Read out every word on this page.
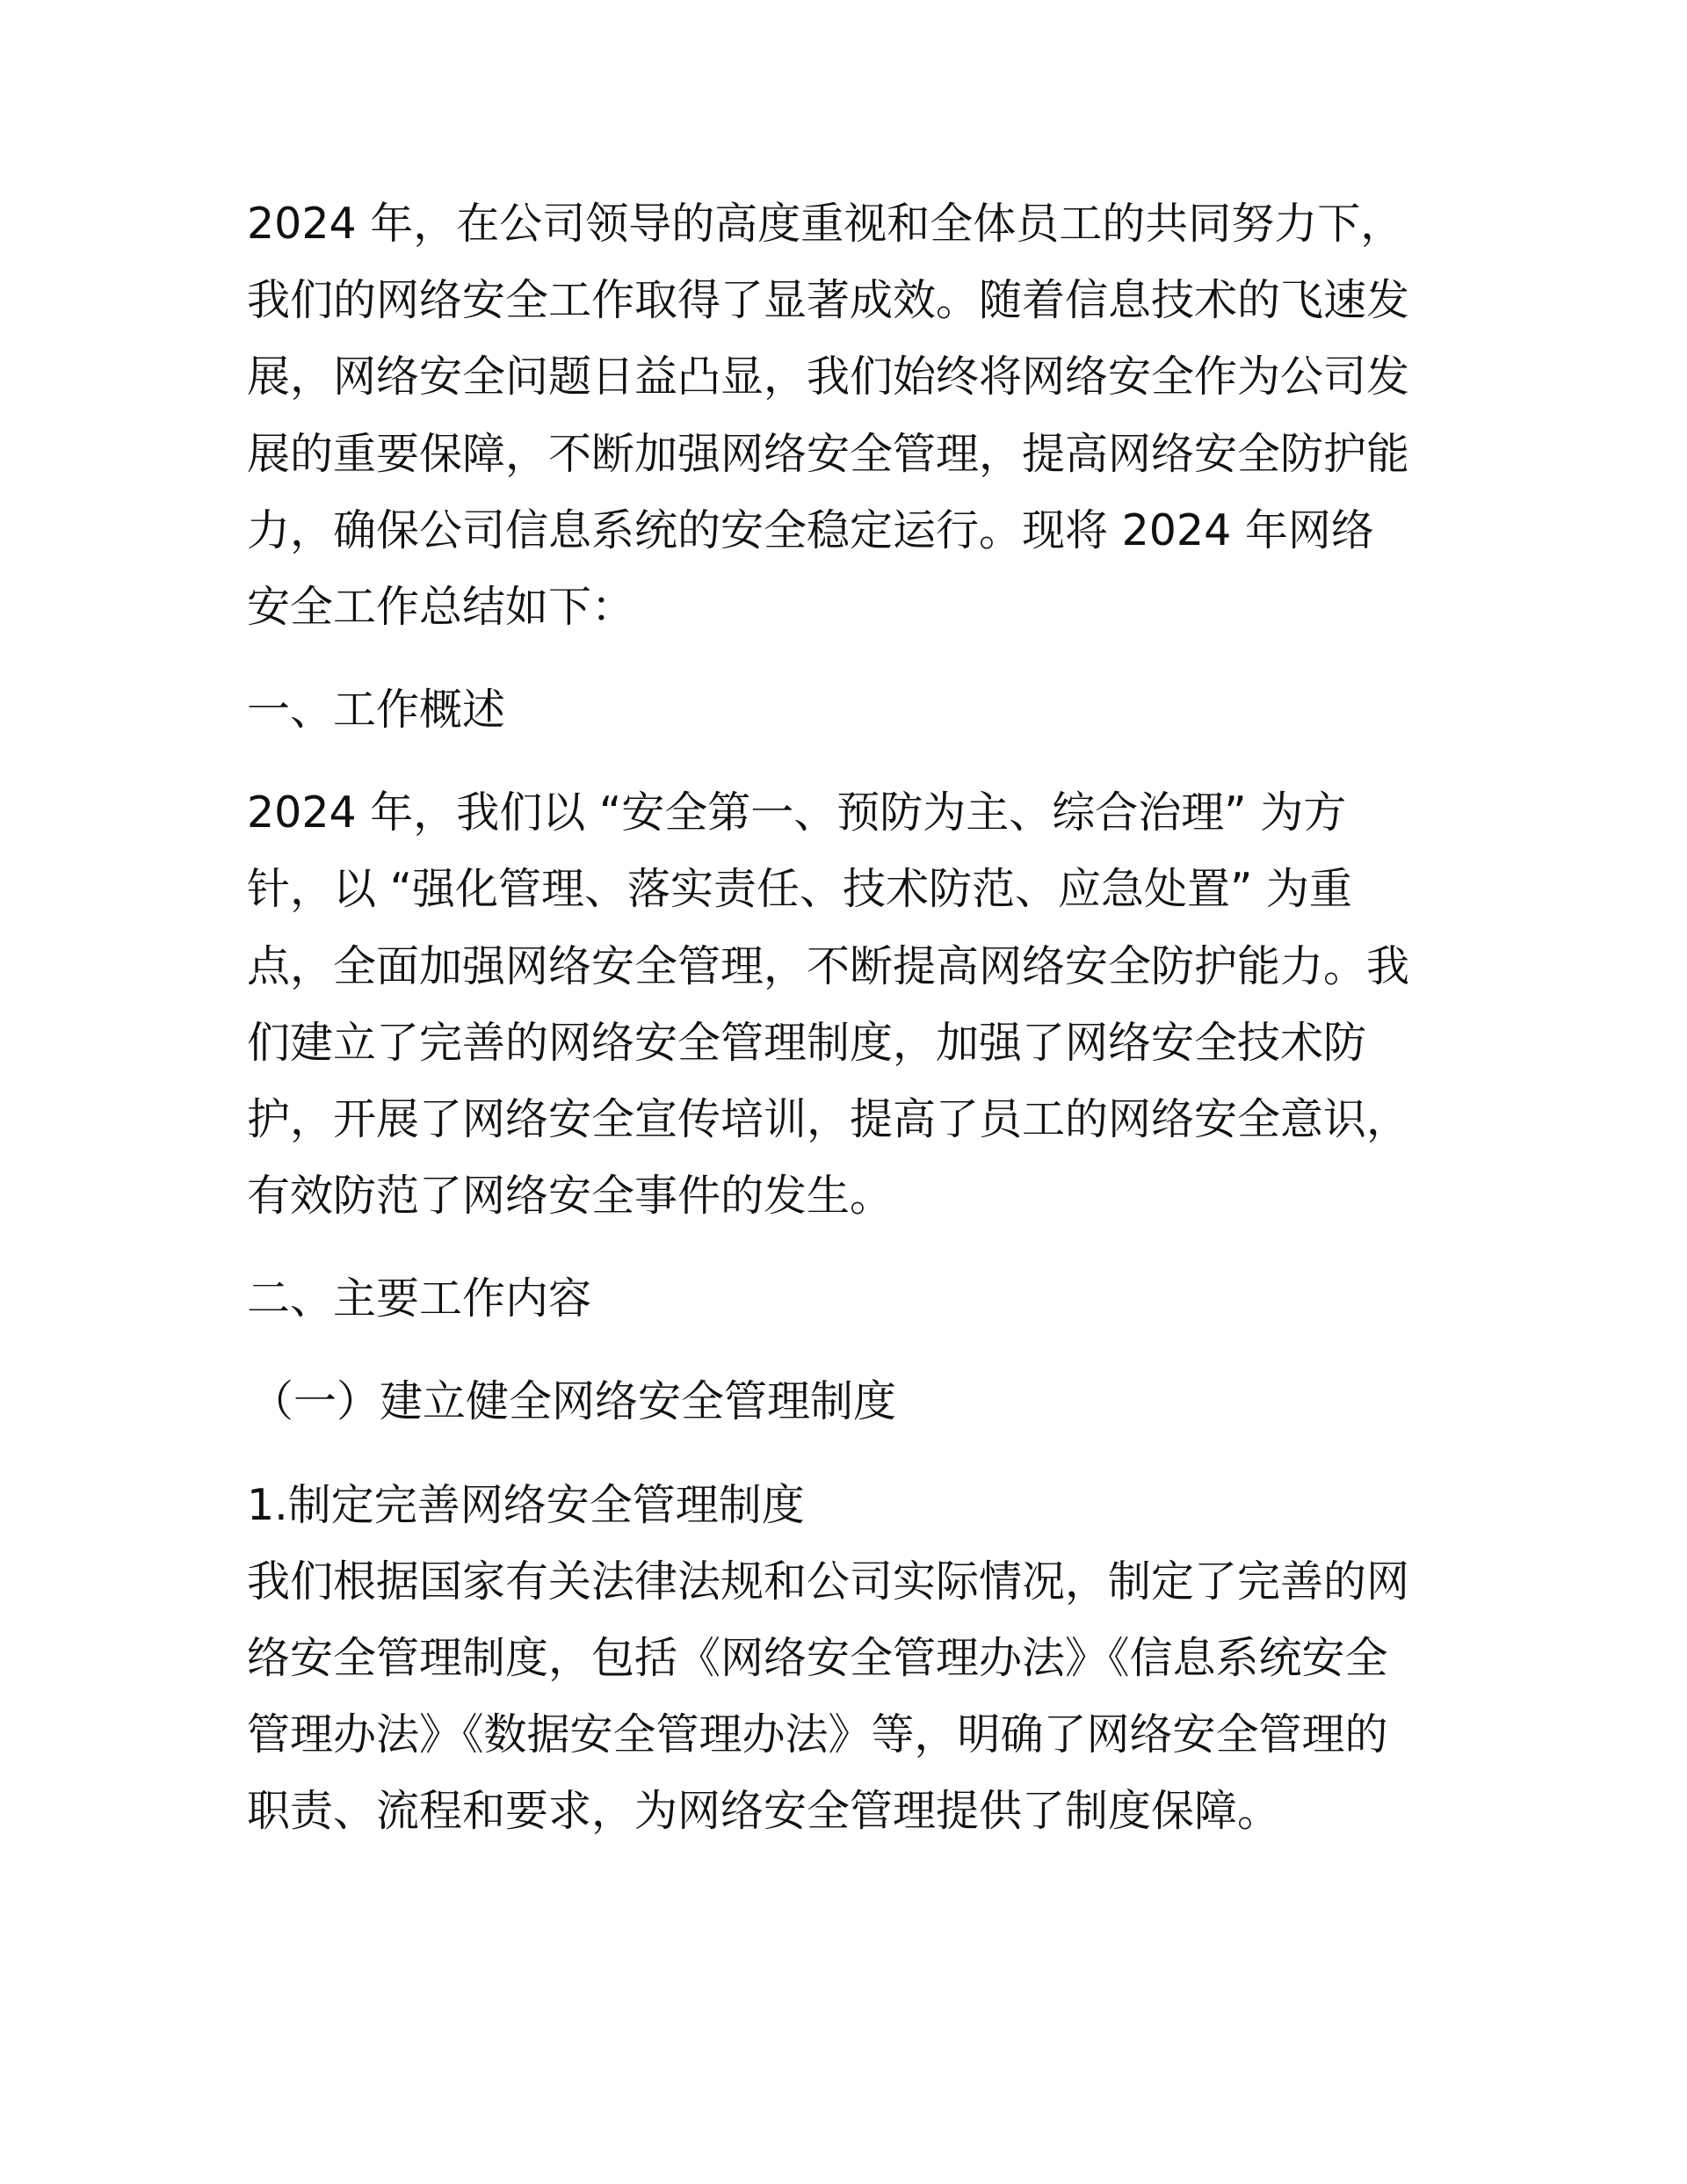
2024 年，在公司领导的高度重视和全体员工的共同努力下，

我们的网络安全工作取得了显著成效。随着信息技术的飞速发

展，网络安全问题日益凸显，我们始终将网络安全作为公司发

展的重要保障，不断加强网络安全管理，提高网络安全防护能

力，确保公司信息系统的安全稳定运行。现将 2024 年网络

安全工作总结如下：

一、工作概述

2024 年，我们以 “安全第一、预防为主、综合治理” 为方

针，以 “强化管理、落实责任、技术防范、应急处置” 为重

点，全面加强网络安全管理，不断提高网络安全防护能力。我

们建立了完善的网络安全管理制度，加强了网络安全技术防

护，开展了网络安全宣传培训，提高了员工的网络安全意识，

有效防范了网络安全事件的发生。

二、主要工作内容
（一）建立健全网络安全管理制度
1.制定完善网络安全管理制度

我们根据国家有关法律法规和公司实际情况，制定了完善的网

络安全管理制度，包括《网络安全管理办法》《信息系统安全

管理办法》《数据安全管理办法》等，明确了网络安全管理的

职责、流程和要求，为网络安全管理提供了制度保障。
